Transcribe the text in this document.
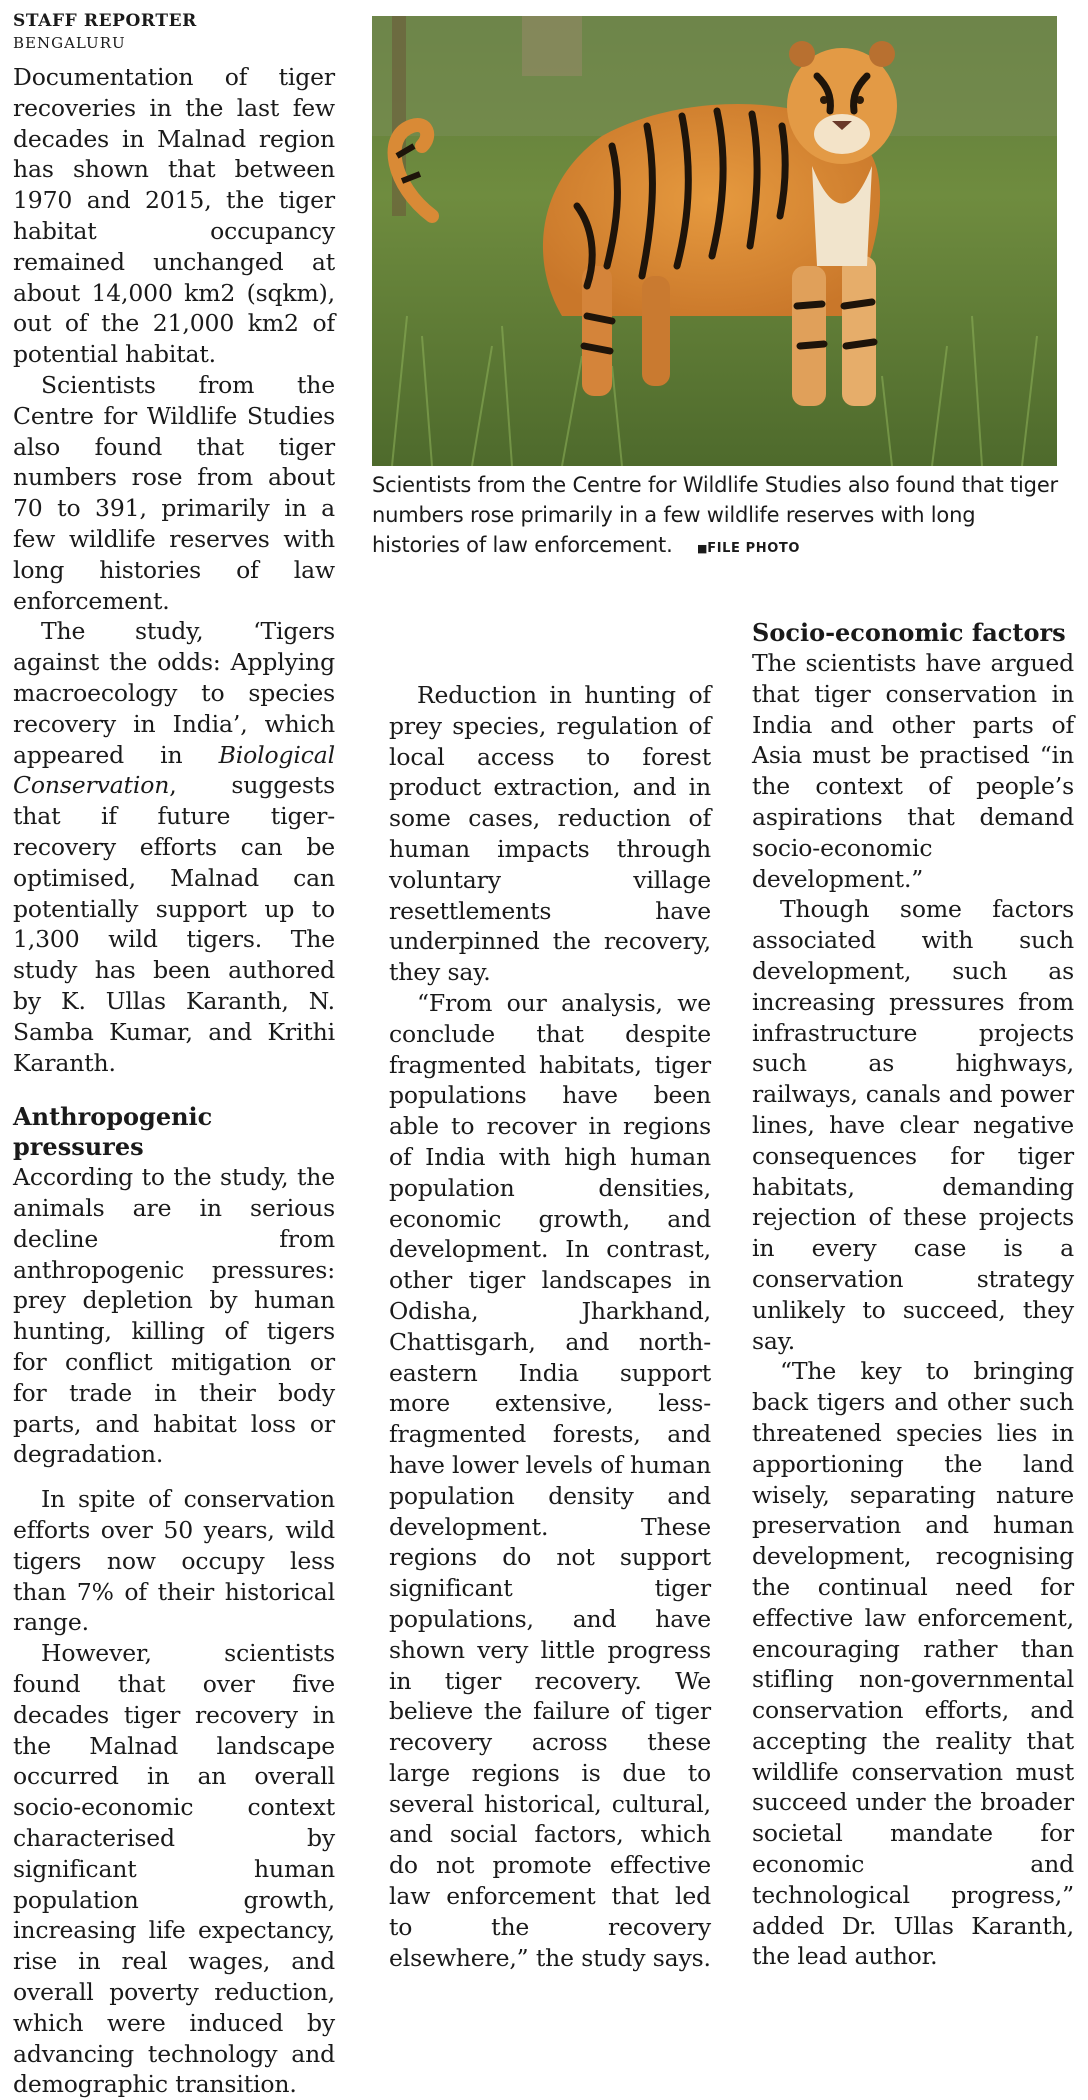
STAFF REPORTER
BENGALURU

Documentation of tiger recoveries in the last few decades in Malnad region has shown that between 1970 and 2015, the tiger habitat occupancy remained unchanged at about 14,000 km2 (sqkm), out of the 21,000 km2 of potential habitat.

Scientists from the Centre for Wildlife Studies also found that tiger numbers rose from about 70 to 391, primarily in a few wildlife reserves with long histories of law enforcement.

The study, ‘Tigers against the odds: Applying macroecology to species recovery in India’, which appeared in Biological Conservation, suggests that if future tiger-recovery efforts can be optimised, Malnad can potentially support up to 1,300 wild tigers. The study has been authored by K. Ullas Karanth, N. Samba Kumar, and Krithi Karanth.

Anthropogenic pressures

According to the study, the animals are in serious decline from anthropogenic pressures: prey depletion by human hunting, killing of tigers for conflict mitigation or for trade in their body parts, and habitat loss or degradation.

In spite of conservation efforts over 50 years, wild tigers now occupy less than 7% of their historical range.

However, scientists found that over five decades tiger recovery in the Malnad landscape occurred in an overall socio-economic context characterised by significant human population growth, increasing life expectancy, rise in real wages, and overall poverty reduction, which were induced by advancing technology and demographic transition.

Scientists from the Centre for Wildlife Studies also found that tiger numbers rose primarily in a few wildlife reserves with long histories of law enforcement. ■FILE PHOTO

Reduction in hunting of prey species, regulation of local access to forest product extraction, and in some cases, reduction of human impacts through voluntary village resettlements have underpinned the recovery, they say.

“From our analysis, we conclude that despite fragmented habitats, tiger populations have been able to recover in regions of India with high human population densities, economic growth, and development. In contrast, other tiger landscapes in Odisha, Jharkhand, Chattisgarh, and north-eastern India support more extensive, less-fragmented forests, and have lower levels of human population density and development. These regions do not support significant tiger populations, and have shown very little progress in tiger recovery. We believe the failure of tiger recovery across these large regions is due to several historical, cultural, and social factors, which do not promote effective law enforcement that led to the recovery elsewhere,” the study says.

Socio-economic factors

The scientists have argued that tiger conservation in India and other parts of Asia must be practised “in the context of people’s aspirations that demand socio-economic development.”

Though some factors associated with such development, such as increasing pressures from infrastructure projects such as highways, railways, canals and power lines, have clear negative consequences for tiger habitats, demanding rejection of these projects in every case is a conservation strategy unlikely to succeed, they say.

“The key to bringing back tigers and other such threatened species lies in apportioning the land wisely, separating nature preservation and human development, recognising the continual need for effective law enforcement, encouraging rather than stifling non-governmental conservation efforts, and accepting the reality that wildlife conservation must succeed under the broader societal mandate for economic and technological progress,” added Dr. Ullas Karanth, the lead author.
